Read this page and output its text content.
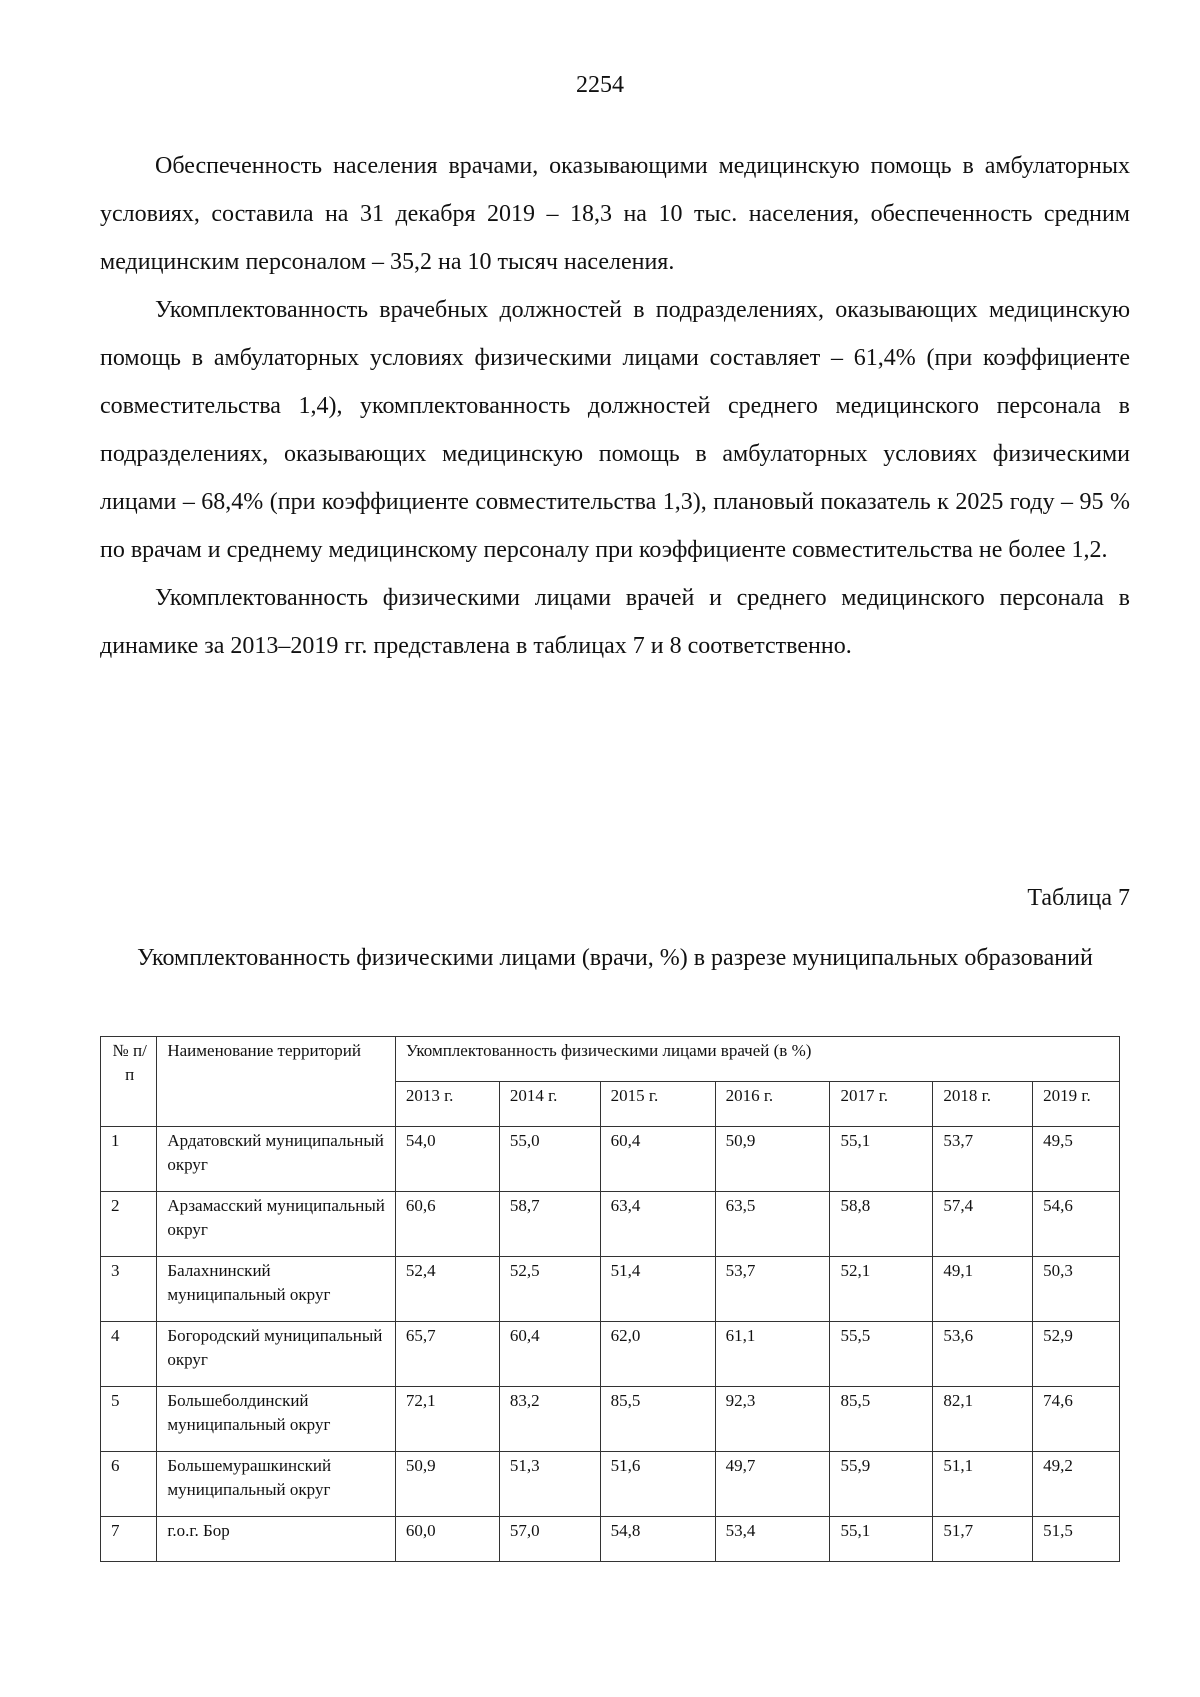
2254

Обеспеченность населения врачами, оказывающими медицинскую помощь в амбулаторных условиях, составила на 31 декабря 2019 – 18,3 на 10 тыс. населения, обеспеченность средним медицинским персоналом – 35,2 на 10 тысяч населения.

Укомплектованность врачебных должностей в подразделениях, оказывающих медицинскую помощь в амбулаторных условиях физическими лицами составляет – 61,4% (при коэффициенте совместительства 1,4), укомплектованность должностей среднего медицинского персонала в подразделениях, оказывающих медицинскую помощь в амбулаторных условиях физическими лицами – 68,4% (при коэффициенте совместительства 1,3), плановый показатель к 2025 году – 95 % по врачам и среднему медицинскому персоналу при коэффициенте совместительства не более 1,2.

Укомплектованность физическими лицами врачей и среднего медицинского персонала в динамике за 2013–2019 гг. представлена в таблицах 7 и 8 соответственно.

Таблица 7
Укомплектованность физическими лицами (врачи, %) в разрезе муниципальных образований
№ п/п	Наименование территорий	Укомплектованность физическими лицами врачей (в %)						
		2013 г.	2014 г.	2015 г.	2016 г.	2017 г.	2018 г.	2019 г.
1	Ардатовский муниципальный округ	54,0	55,0	60,4	50,9	55,1	53,7	49,5
2	Арзамасский муниципальный округ	60,6	58,7	63,4	63,5	58,8	57,4	54,6
3	Балахнинский муниципальный округ	52,4	52,5	51,4	53,7	52,1	49,1	50,3
4	Богородский муниципальный округ	65,7	60,4	62,0	61,1	55,5	53,6	52,9
5	Большеболдинский муниципальный округ	72,1	83,2	85,5	92,3	85,5	82,1	74,6
6	Большемурашкинский муниципальный округ	50,9	51,3	51,6	49,7	55,9	51,1	49,2
7	г.о.г. Бор	60,0	57,0	54,8	53,4	55,1	51,7	51,5
